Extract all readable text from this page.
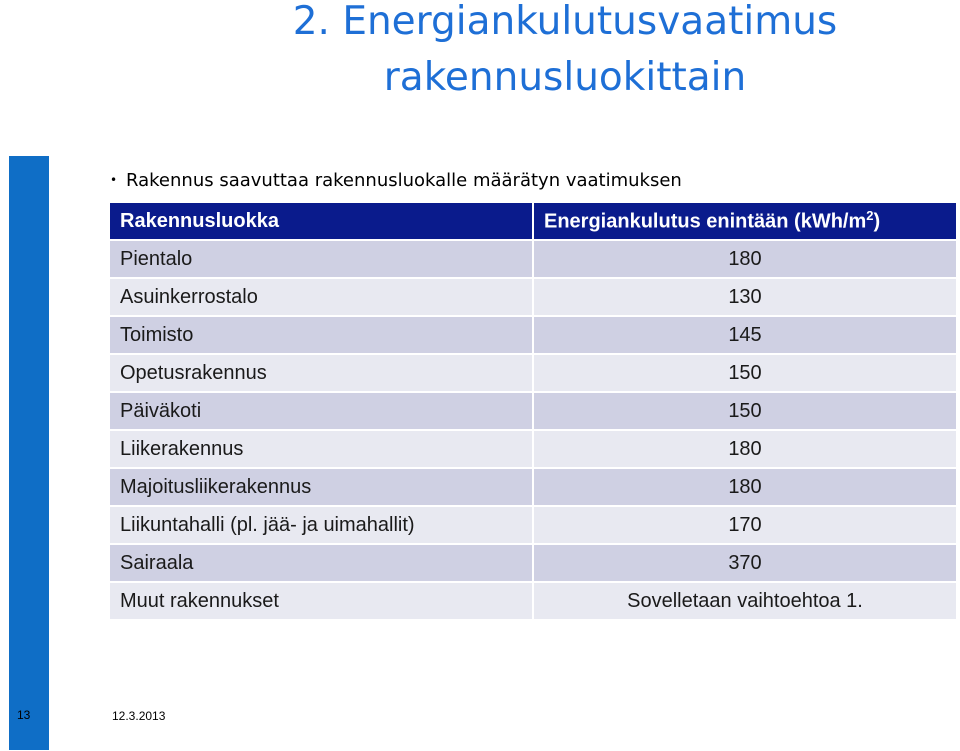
2. Energiankulutusvaatimus
rakennusluokittain
• Rakennus saavuttaa rakennusluokalle määrätyn vaatimuksen
Rakennusluokka	Energiankulutus enintään $(kWh/m^2)$
Pientalo	180
Asuinkerrostalo	130
Toimisto	145
Opetusrakennus	150
Päiväkoti	150
Liikerakennus	180
Majoitusliikerakennus	180
Liikuntahalli (pl. jää- ja uimahallit)	170
Sairaala	370
Muut rakennukset	Sovelletaan vaihtoehtoa 1.
13	12.3.2013
